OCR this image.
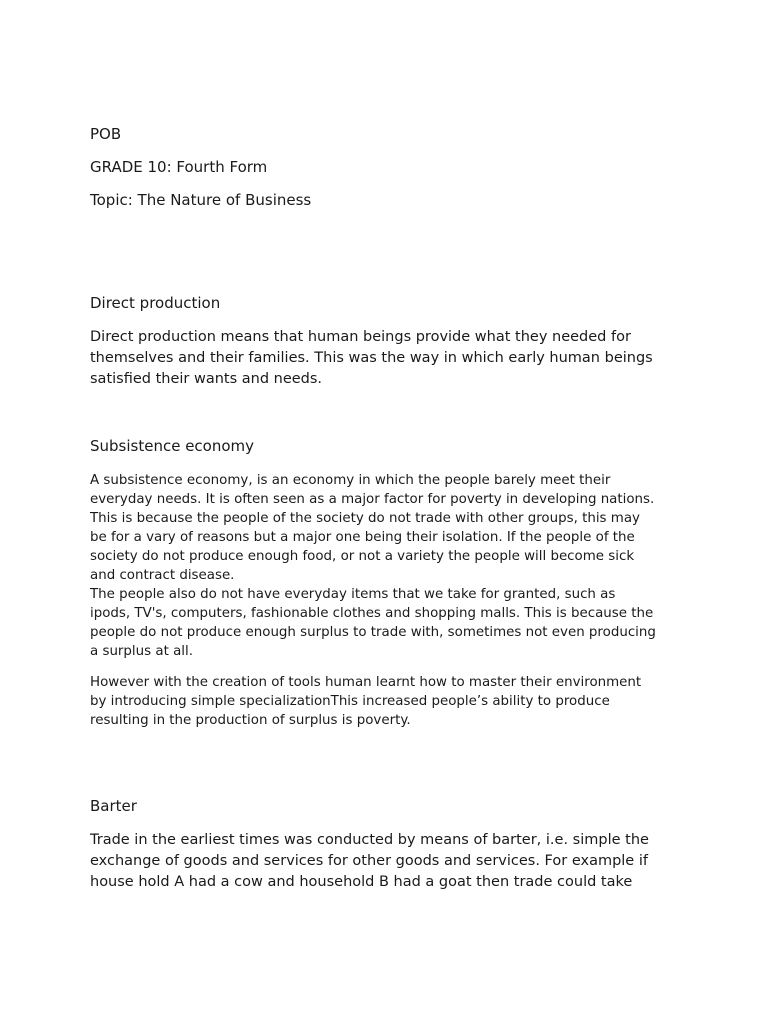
POB

GRADE 10: Fourth Form

Topic: The Nature of Business

Direct production

Direct production means that human beings provide what they needed for
themselves and their families. This was the way in which early human beings
satisfied their wants and needs.

Subsistence economy

A subsistence economy, is an economy in which the people barely meet their
everyday needs. It is often seen as a major factor for poverty in developing nations.
This is because the people of the society do not trade with other groups, this may
be for a vary of reasons but a major one being their isolation. If the people of the
society do not produce enough food, or not a variety the people will become sick
and contract disease.

The people also do not have everyday items that we take for granted, such as
ipods, TV's, computers, fashionable clothes and shopping malls. This is because the
people do not produce enough surplus to trade with, sometimes not even producing
a surplus at all.

However with the creation of tools human learnt how to master their environment
by introducing simple specializationThis increased people’s ability to produce
resulting in the production of surplus is poverty.

Barter

Trade in the earliest times was conducted by means of barter, i.e. simple the
exchange of goods and services for other goods and services. For example if
house hold A had a cow and household B had a goat then trade could take
